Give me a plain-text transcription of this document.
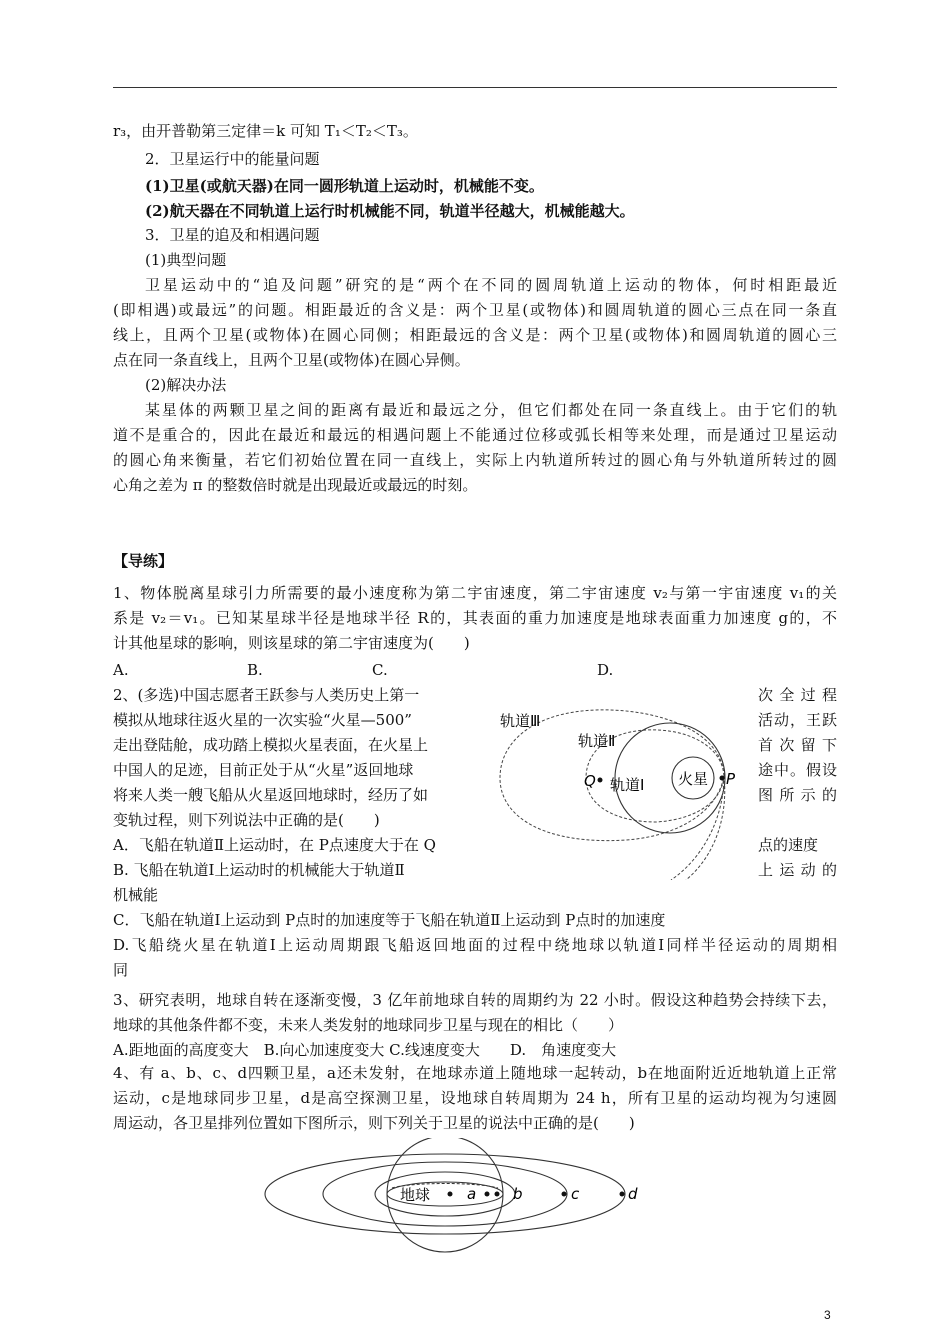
r₃，由开普勒第三定律＝k 可知 T₁＜T₂＜T₃。
2．卫星运行中的能量问题
(1)卫星(或航天器)在同一圆形轨道上运动时，机械能不变。
(2)航天器在不同轨道上运行时机械能不同，轨道半径越大，机械能越大。
3．卫星的追及和相遇问题
(1)典型问题
卫星运动中的“追及问题”研究的是“两个在不同的圆周轨道上运动的物体，何时相距最近
(即相遇)或最远”的问题。相距最近的含义是：两个卫星(或物体)和圆周轨道的圆心三点在同一条直
线上，且两个卫星(或物体)在圆心同侧；相距最远的含义是：两个卫星(或物体)和圆周轨道的圆心三
点在同一条直线上，且两个卫星(或物体)在圆心异侧。
(2)解决办法
某星体的两颗卫星之间的距离有最近和最远之分，但它们都处在同一条直线上。由于它们的轨
道不是重合的，因此在最近和最远的相遇问题上不能通过位移或弧长相等来处理，而是通过卫星运动
的圆心角来衡量，若它们初始位置在同一直线上，实际上内轨道所转过的圆心角与外轨道所转过的圆
心角之差为 π 的整数倍时就是出现最近或最远的时刻。
【导练】
1、物体脱离星球引力所需要的最小速度称为第二宇宙速度，第二宇宙速度 v₂与第一宇宙速度 v₁的关
系是 v₂＝v₁。已知某星球半径是地球半径 R的，其表面的重力加速度是地球表面重力加速度 g的，不
计其他星球的影响，则该星球的第二宇宙速度为(　　)
A.	B.	C.	D.
2、(多选)中国志愿者王跃参与人类历史上第一
模拟从地球往返火星的一次实验“火星—500”
走出登陆舱，成功踏上模拟火星表面，在火星上
中国人的足迹，目前正处于从“火星”返回地球
将来人类一艘飞船从火星返回地球时，经历了如
变轨过程，则下列说法中正确的是(　　)
A．飞船在轨道Ⅱ上运动时，在 P点速度大于在 Q
B. 飞船在轨道Ⅰ上运动时的机械能大于轨道Ⅱ
次 全 过 程
活动，王跃
首 次 留 下
途中。假设
图 所 示 的
点的速度
上 运 动 的
火星
Q	P
轨道Ⅲ
轨道Ⅱ
轨道Ⅰ
机械能
C．飞船在轨道Ⅰ上运动到 P点时的加速度等于飞船在轨道Ⅱ上运动到 P点时的加速度
D.飞船绕火星在轨道Ⅰ上运动周期跟飞船返回地面的过程中绕地球以轨道Ⅰ同样半径运动的周期相
同
3、研究表明，地球自转在逐渐变慢，3 亿年前地球自转的周期约为 22 小时。假设这种趋势会持续下去，
地球的其他条件都不变，未来人类发射的地球同步卫星与现在的相比（　　）
A.距地面的高度变大　B.向心加速度变大 C.线速度变大　　D.　角速度变大
4、有 a、b、c、d四颗卫星，a还未发射，在地球赤道上随地球一起转动，b在地面附近近地轨道上正常
运动，c是地球同步卫星，d是高空探测卫星，设地球自转周期为 24 h，所有卫星的运动均视为匀速圆
周运动，各卫星排列位置如下图所示，则下列关于卫星的说法中正确的是(　　)
地球 a b	c	d
3
